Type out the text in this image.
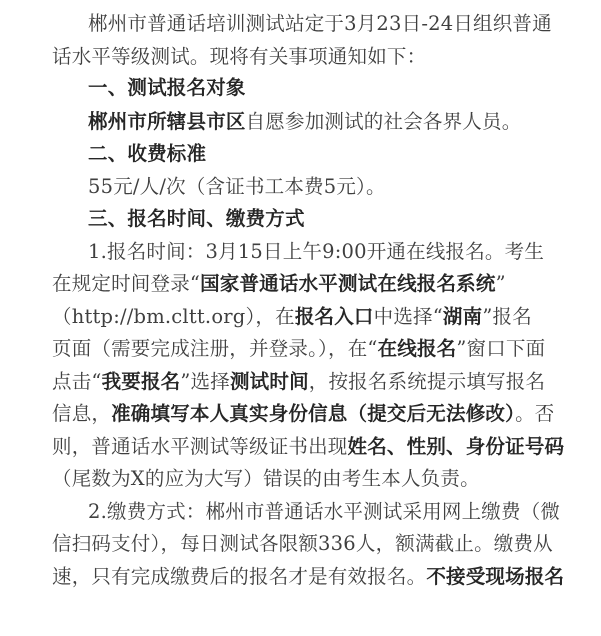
郴州市普通话培训测试站定于3月23日-24日组织普通
话水平等级测试。现将有关事项通知如下：
一、测试报名对象
郴州市所辖县市区自愿参加测试的社会各界人员。
二、收费标准
55元/人/次（含证书工本费5元）。
三、报名时间、缴费方式
1.报名时间：3月15日上午9:00开通在线报名。考生
在规定时间登录“国家普通话水平测试在线报名系统”
（http://bm.cltt.org），在报名入口中选择“湖南”报名
页面（需要完成注册，并登录。），在“在线报名”窗口下面
点击“我要报名”选择测试时间，按报名系统提示填写报名
信息，准确填写本人真实身份信息（提交后无法修改）。否
则，普通话水平测试等级证书出现姓名、性别、身份证号码
（尾数为X的应为大写）错误的由考生本人负责。
2.缴费方式：郴州市普通话水平测试采用网上缴费（微
信扫码支付），每日测试各限额336人，额满截止。缴费从
速，只有完成缴费后的报名才是有效报名。不接受现场报名
